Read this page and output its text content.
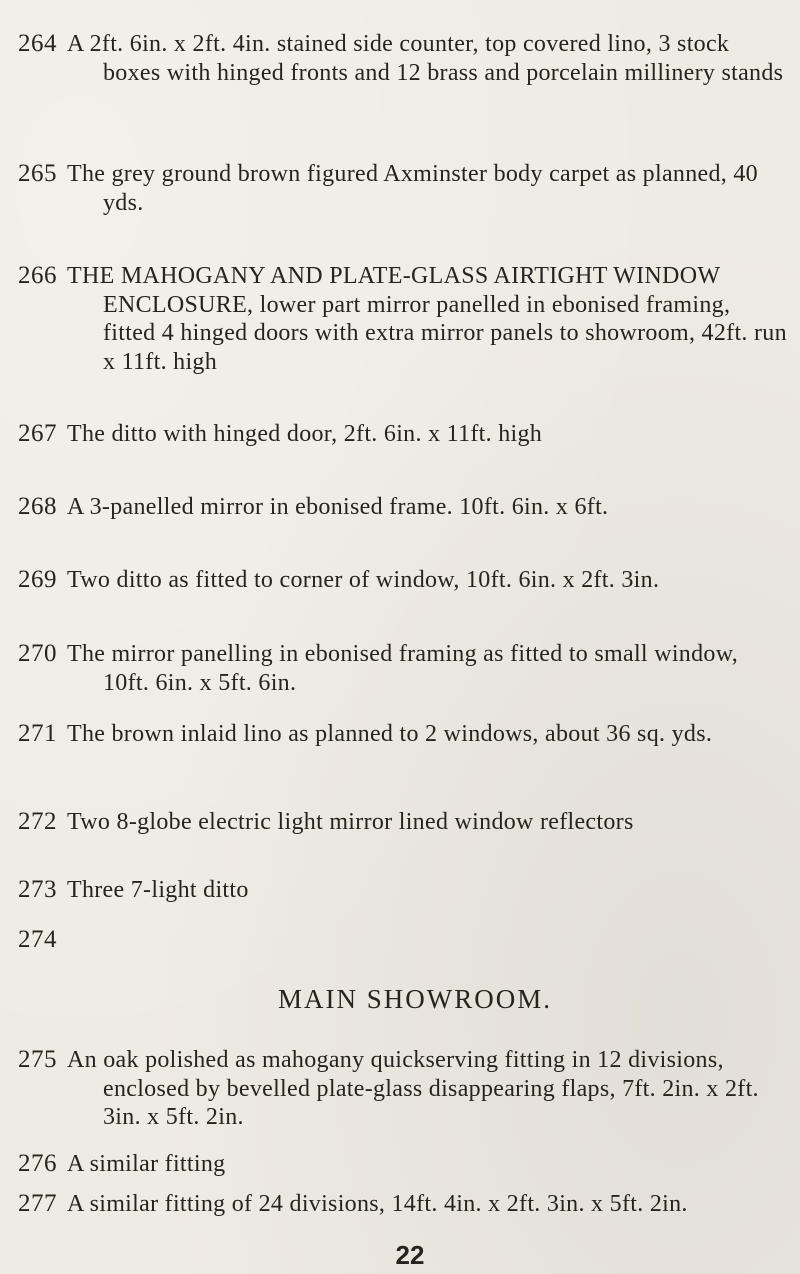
264 A 2ft. 6in. x 2ft. 4in. stained side counter, top covered lino, 3 stock boxes with hinged fronts and 12 brass and porcelain millinery stands
265 The grey ground brown figured Axminster body carpet as planned, 40 yds.
266 THE MAHOGANY AND PLATE-GLASS AIRTIGHT WINDOW ENCLOSURE, lower part mirror panelled in ebonised framing, fitted 4 hinged doors with extra mirror panels to showroom, 42ft. run x 11ft. high
267 The ditto with hinged door, 2ft. 6in. x 11ft. high
268 A 3-panelled mirror in ebonised frame. 10ft. 6in. x 6ft.
269 Two ditto as fitted to corner of window, 10ft. 6in. x 2ft. 3in.
270 The mirror panelling in ebonised framing as fitted to small window, 10ft. 6in. x 5ft. 6in.
271 The brown inlaid lino as planned to 2 windows, about 36 sq. yds.
272 Two 8-globe electric light mirror lined window reflectors
273 Three 7-light ditto
274
MAIN SHOWROOM.
275 An oak polished as mahogany quickserving fitting in 12 divisions, enclosed by bevelled plate-glass disappearing flaps, 7ft. 2in. x 2ft. 3in. x 5ft. 2in.
276 A similar fitting
277 A similar fitting of 24 divisions, 14ft. 4in. x 2ft. 3in. x 5ft. 2in.
22
